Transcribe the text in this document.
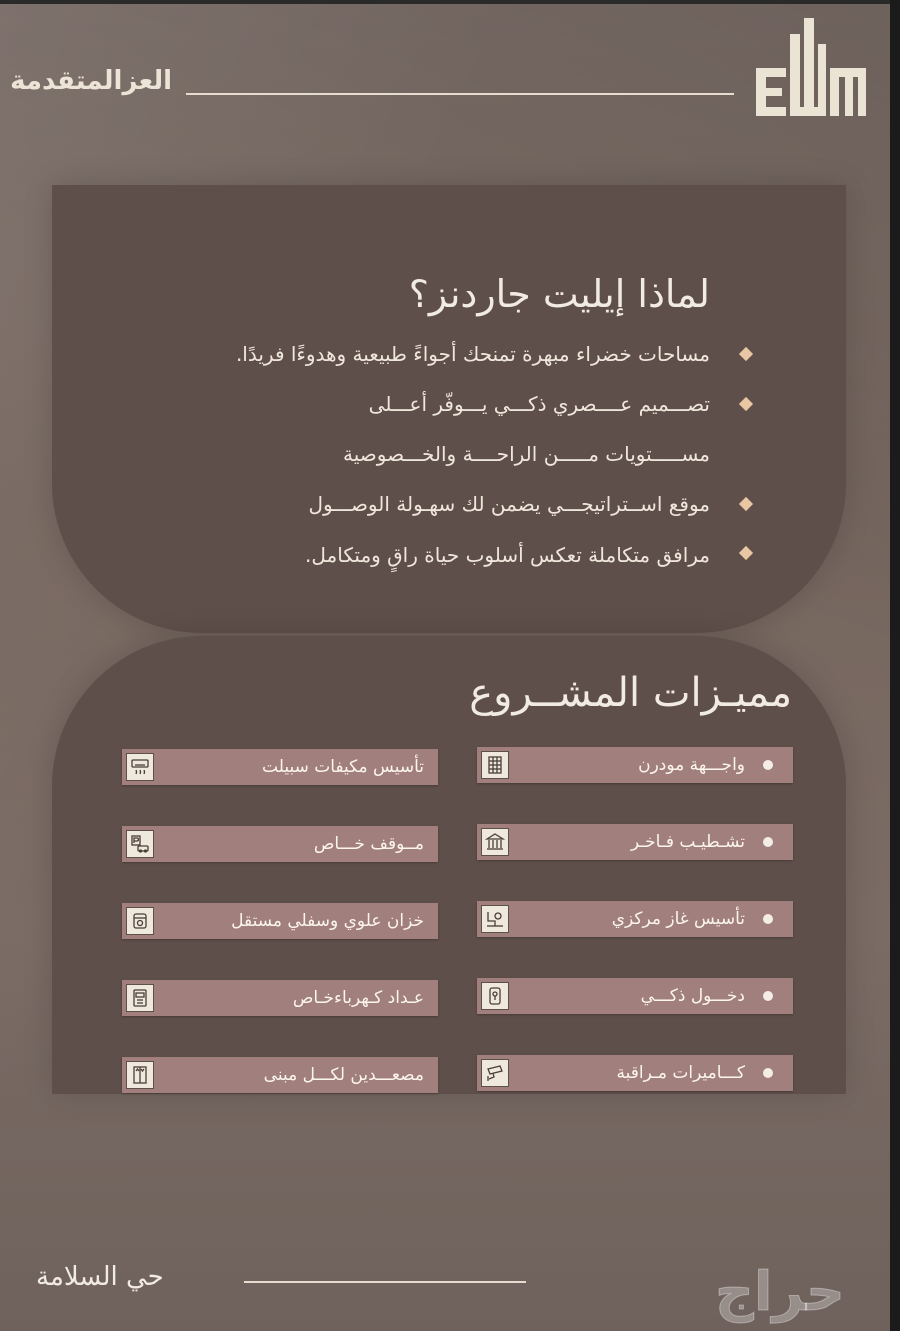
العزالمتقدمة
لماذا إيليت جاردنز؟
مساحات خضراء مبهرة تمنحك أجواءً طبيعية وهدوءًا فريدًا.
تصـــميم عــــصري ذكـــي يـــوفّر أعـــلى
مســـــتويات مـــــن الراحــــة والخـــصوصية
موقع اســتراتيجـــي يضمن لك سهـولة الوصـــول
مرافق متكاملة تعكس أسلوب حياة راقٍ ومتكامل.
مميـزات المشــروع
واجـــهة مودرن
تشـطيـب فـاخـر
تأسيس غاز مركزي
دخـــول ذكـــي
كـــاميرات مـراقبة
تأسيس مكيفات سبيلت
مــوقف خـــاص
خزان علوي وسفلي مستقل
عـداد كـهرباءخـاص
مصعـــدين لكـــل مبنى
حي السلامة	حراج
